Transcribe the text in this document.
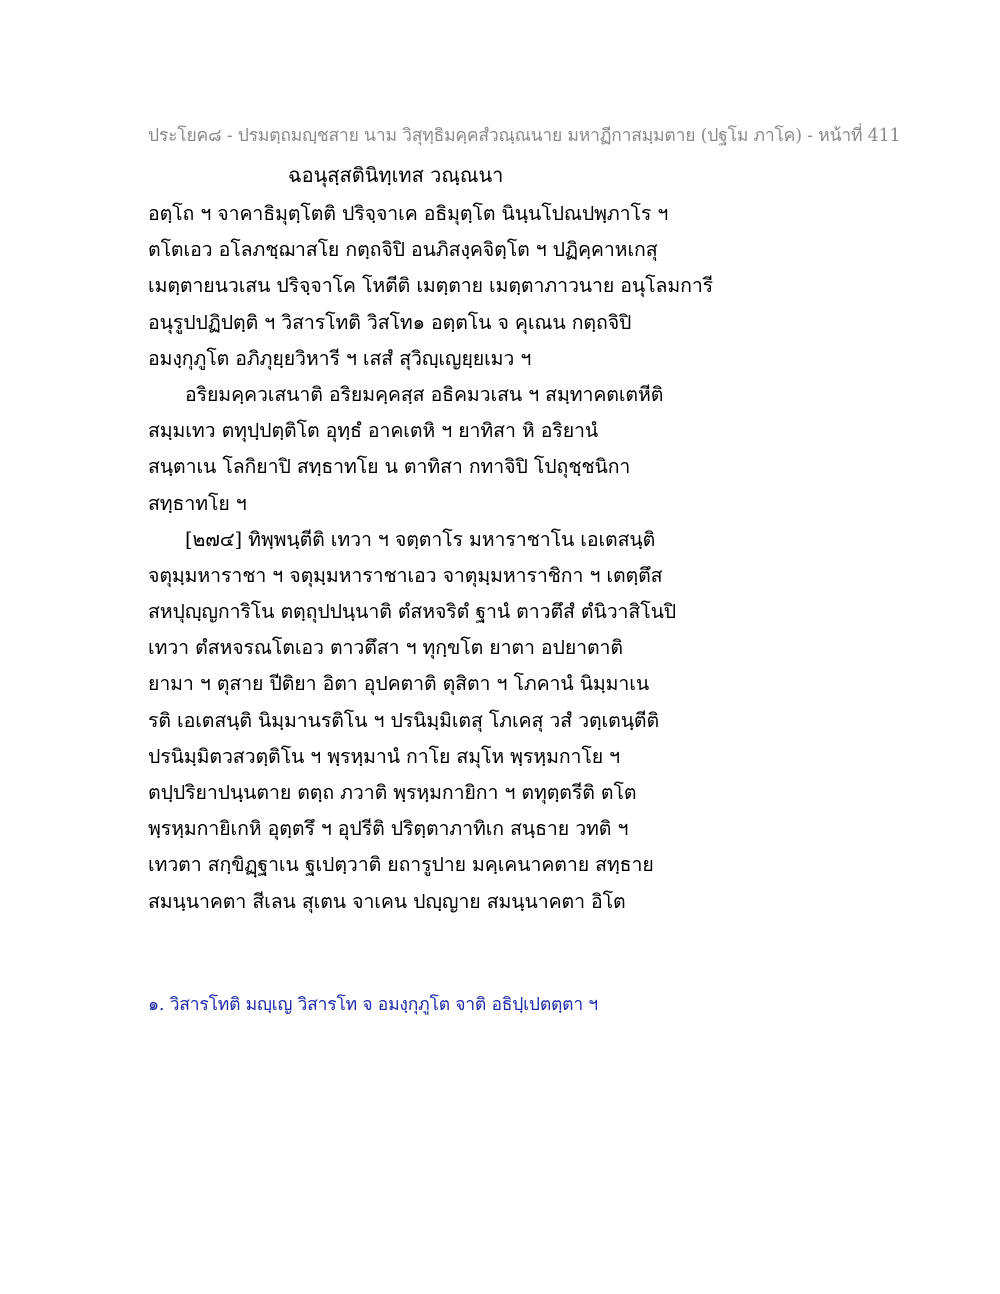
ประโยค๘ - ปรมตฺถมญฺชสาย นาม วิสุทฺธิมคฺคสํวณฺณนาย มหาฏีกาสมฺมตาย (ปฐโม ภาโค) - หน้าที่ 411
ฉอนุสฺสตินิทฺเทส วณฺณนา
อตฺโถ ฯ จาคาธิมุตฺโตติ ปริจฺจาเค อธิมุตฺโต นินฺนโปณปพฺภาโร ฯ
ตโตเอว อโลภชฺฌาสโย กตฺถจิปิ อนภิสงฺคจิตฺโต ฯ ปฏิคฺคาหเกสุ
เมตฺตายนวเสน ปริจฺจาโค โหตีติ เมตฺตาย เมตฺตาภาวนาย อนุโลมการี
อนุรูปปฏิปตฺติ ฯ วิสารโทติ วิสโท๑ อตฺตโน จ คุเณน กตฺถจิปิ
อมงฺกุภูโต อภิภุยฺยวิหารี ฯ เสสํ สุวิญฺเญยฺยเมว ฯ
อริยมคฺควเสนาติ อริยมคฺคสฺส อธิคมวเสน ฯ สมฺทาคตเตหีติ
สมฺมเทว ตทุปฺปตฺติโต อุทฺธํ อาคเตหิ ฯ ยาทิสา หิ อริยานํ
สนฺตาเน โลกิยาปิ สทฺธาทโย น ตาทิสา กทาจิปิ โปถุชฺชนิกา
สทฺธาทโย ฯ
[๒๗๔] ทิพฺพนฺตีติ เทวา ฯ จตฺตาโร มหาราชาโน เอเตสนฺติ
จตุมฺมหาราชา ฯ จตุมฺมหาราชาเอว จาตุมฺมหาราชิกา ฯ เตตฺตึส
สหปุญฺญการิโน ตตฺถุปปนฺนาติ ตํสหจริตํ ฐานํ ตาวตึสํ ตํนิวาสิโนปิ
เทวา ตํสหจรณโตเอว ตาวตึสา ฯ ทุกฺขโต ยาตา อปยาตาติ
ยามา ฯ ตุสาย ปีติยา อิตา อุปคตาติ ตุสิตา ฯ โภคานํ นิมฺมาเน
รติ เอเตสนฺติ นิมฺมานรติโน ฯ ปรนิมฺมิเตสุ โภเคสุ วสํ วตฺเตนฺตีติ
ปรนิมฺมิตวสวตฺติโน ฯ พฺรหฺมานํ กาโย สมุโห พฺรหฺมกาโย ฯ
ตปฺปริยาปนฺนตาย ตตฺถ ภวาติ พฺรหฺมกายิกา ฯ ตทุตฺตรีติ ตโต
พฺรหฺมกายิเกหิ อุตฺตรึ ฯ อุปรีติ ปริตฺตาภาทิเก สนฺธาย วทติ ฯ
เทวตา สกฺขิฏฺฐาเน ฐเปตฺวาติ ยถารูปาย มคฺเคนาคตาย สทฺธาย
สมนฺนาคตา สีเลน สุเตน จาเคน ปญฺญาย สมนฺนาคตา อิโต
๑. วิสารโทติ มญฺเญ วิสารโท จ อมงฺกุภูโต จาติ อธิปฺเปตตฺตา ฯ
